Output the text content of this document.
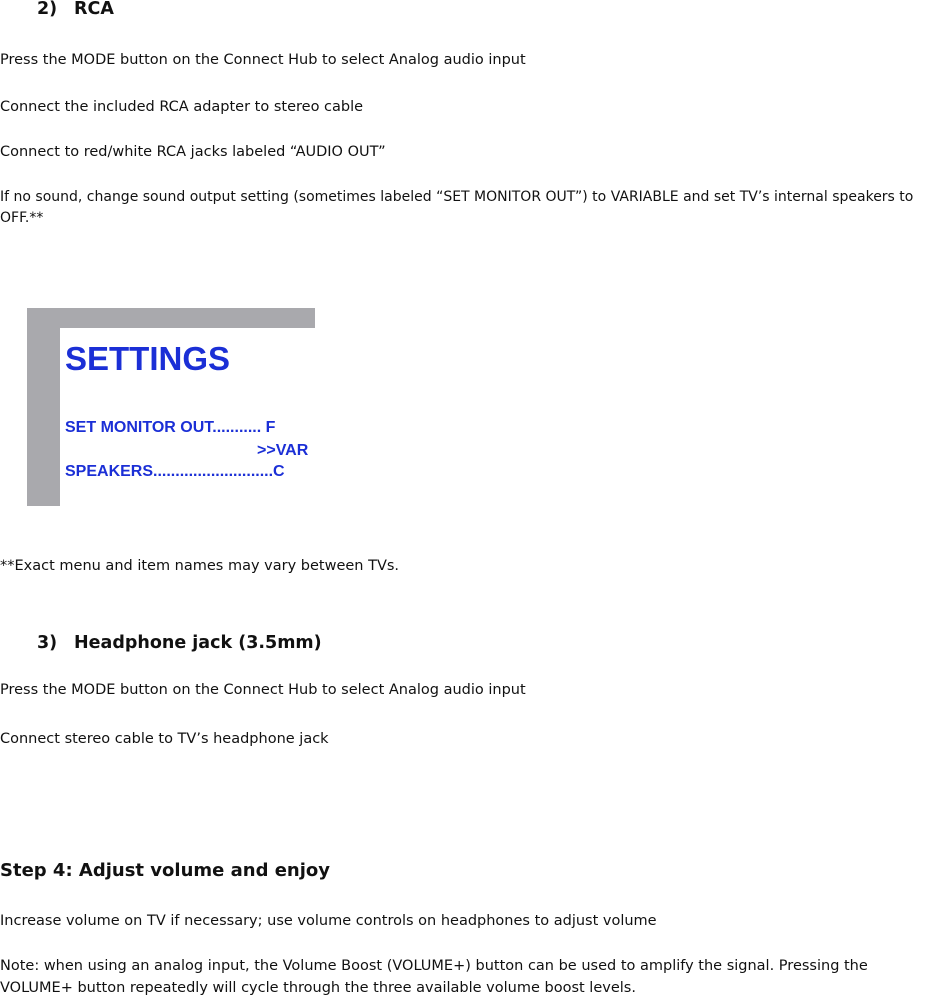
2) RCA
Press the MODE button on the Connect Hub to select Analog audio input
Connect the included RCA adapter to stereo cable
Connect to red/white RCA jacks labeled “AUDIO OUT”
If no sound, change sound output setting (sometimes labeled “SET MONITOR OUT”) to VARIABLE and set TV’s internal speakers to OFF.**
SETTINGS
SET MONITOR OUT........... F
>>VAR
SPEAKERS...........................C
**Exact menu and item names may vary between TVs.
3) Headphone jack (3.5mm)
Press the MODE button on the Connect Hub to select Analog audio input
Connect stereo cable to TV’s headphone jack
Step 4: Adjust volume and enjoy
Increase volume on TV if necessary; use volume controls on headphones to adjust volume
Note: when using an analog input, the Volume Boost (VOLUME+) button can be used to amplify the signal. Pressing the
VOLUME+ button repeatedly will cycle through the three available volume boost levels.
